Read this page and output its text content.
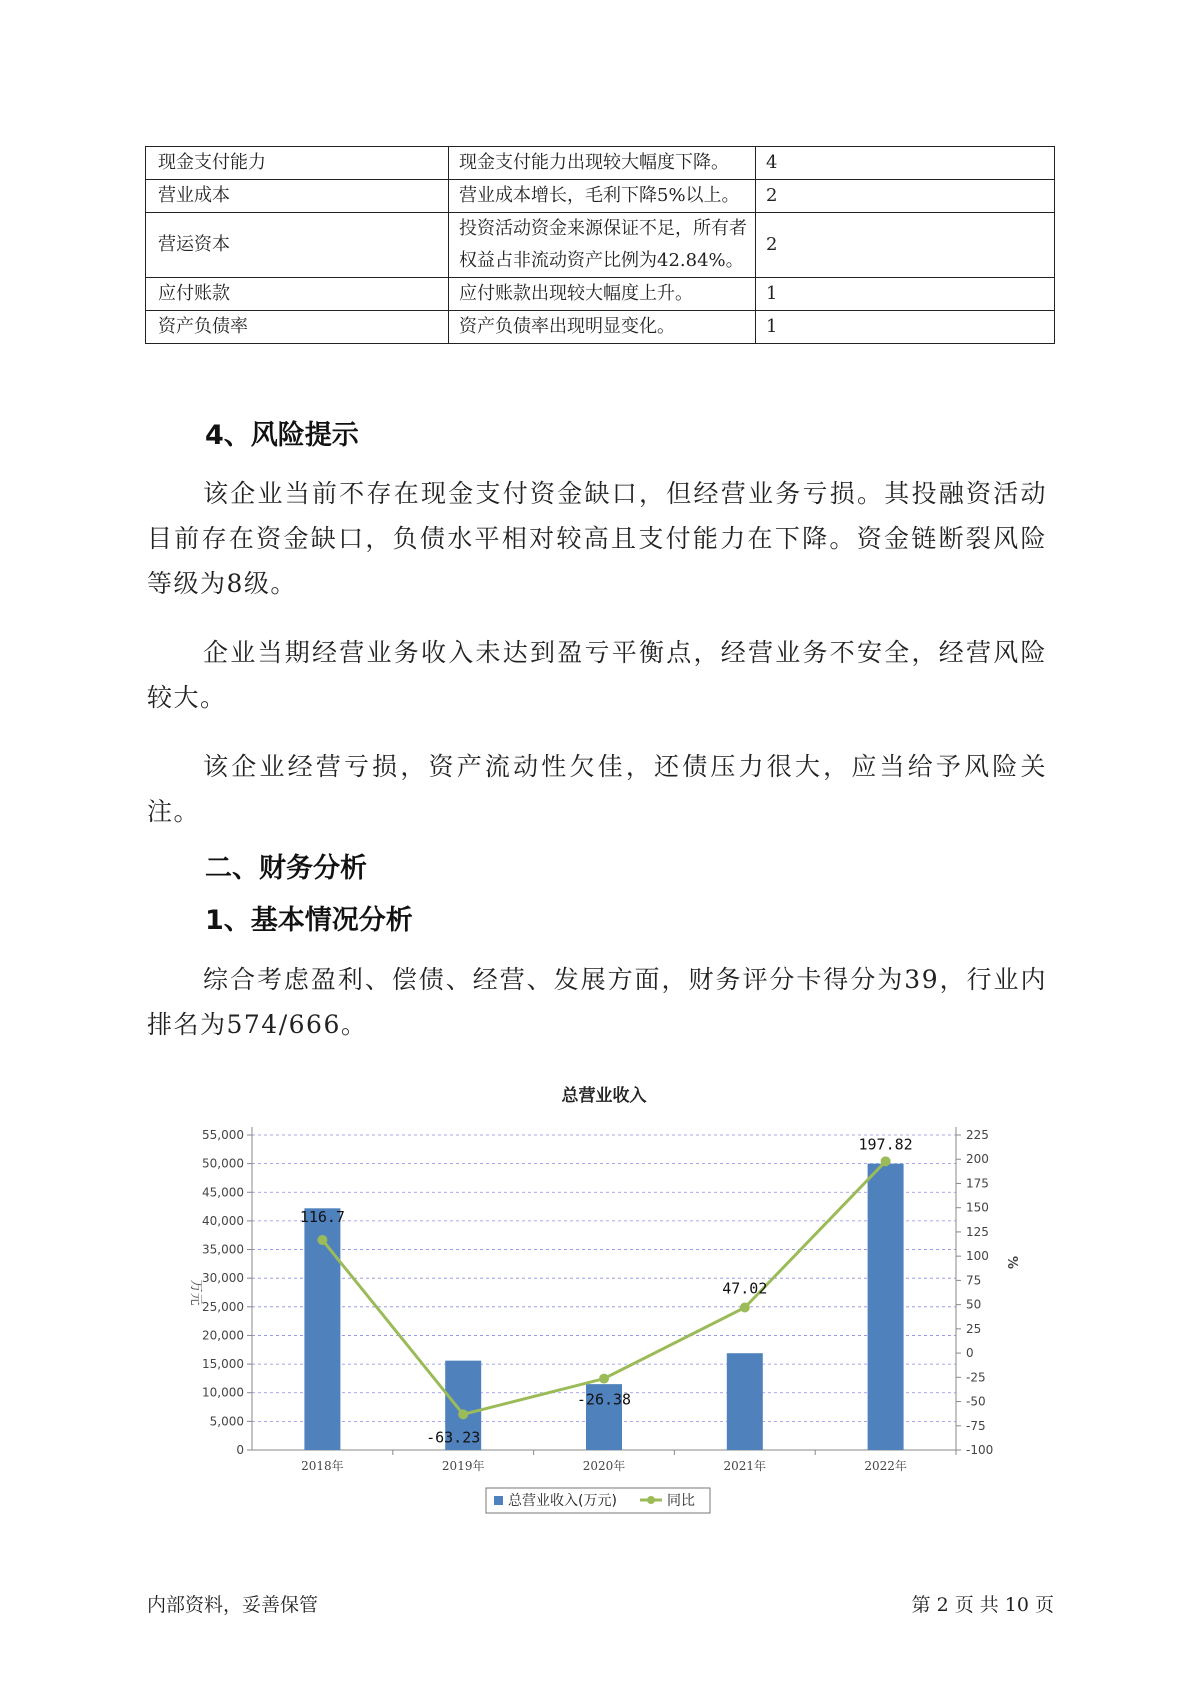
现金支付能力	现金支付能力出现较大幅度下降。	4
营业成本	营业成本增长，毛利下降5%以上。	2
营运资本	投资活动资金来源保证不足，所有者权益占非流动资产比例为42.84%。	2
应付账款	应付账款出现较大幅度上升。	1
资产负债率	资产负债率出现明显变化。	1
4、风险提示
该企业当前不存在现金支付资金缺口，但经营业务亏损。其投融资活动目前存在资金缺口，负债水平相对较高且支付能力在下降。资金链断裂风险等级为8级。
企业当期经营业务收入未达到盈亏平衡点，经营业务不安全，经营风险较大。
该企业经营亏损，资产流动性欠佳，还债压力很大，应当给予风险关注。
二、财务分析
1、基本情况分析
综合考虑盈利、偿债、经营、发展方面，财务评分卡得分为39，行业内排名为574/666。
总营业收入
0
5,000
10,000
15,000
20,000
25,000
30,000
35,000
40,000
45,000
50,000
55,000
-100
-75
-50
-25
0
25
50
75
100
125
150
175
200
225
万元
%
2018年	2019年	2020年	2021年	2022年
116.7
-63.23
-26.38
47.02
197.82
总营业收入(万元)	同比
内部资料，妥善保管	第 2 页 共 10 页
